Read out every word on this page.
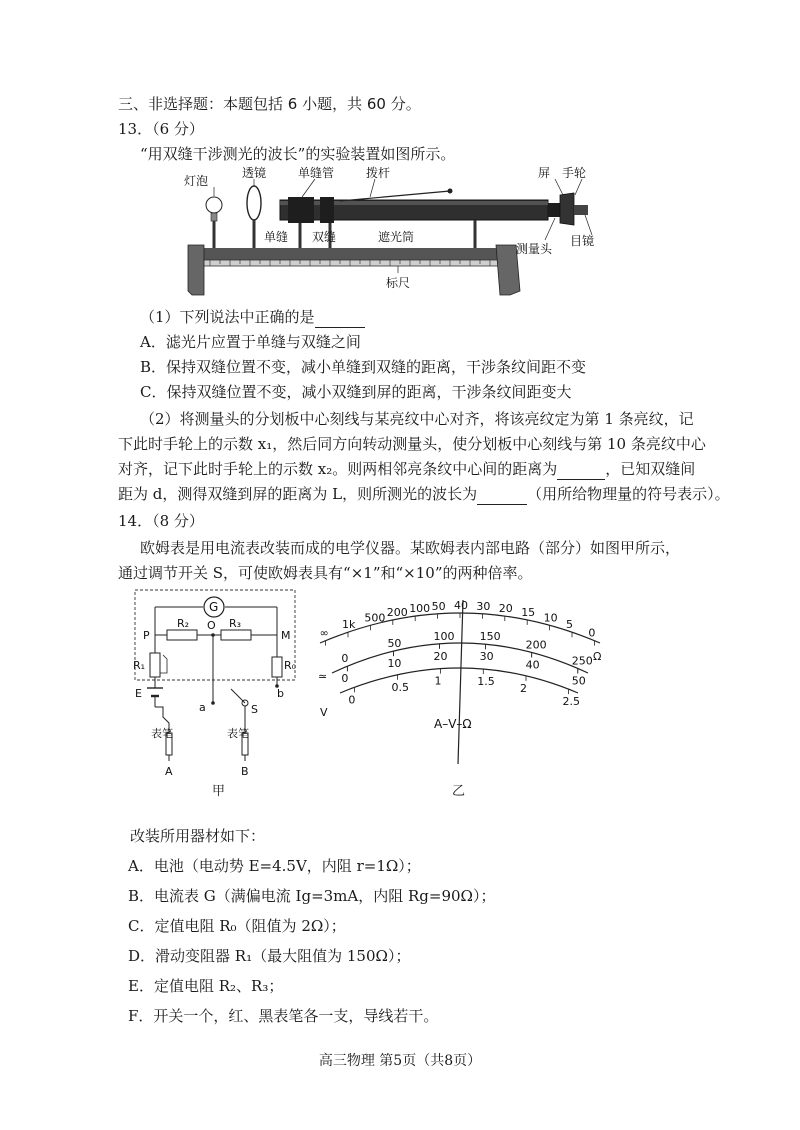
三、非选择题：本题包括 6 小题，共 60 分。
13．（6 分）
“用双缝干涉测光的波长”的实验装置如图所示。
灯泡
透镜	单缝管	拨杆	屏 手轮
单缝 双缝	遮光筒
测量头
目镜
标尺
（1）下列说法中正确的是
A．滤光片应置于单缝与双缝之间
B．保持双缝位置不变，减小单缝到双缝的距离，干涉条纹间距不变
C．保持双缝位置不变，减小双缝到屏的距离，干涉条纹间距变大
（2）将测量头的分划板中心刻线与某亮纹中心对齐，将该亮纹定为第 1 条亮纹，记
下此时手轮上的示数 x₁，然后同方向转动测量头，使分划板中心刻线与第 10 条亮纹中心
对齐，记下此时手轮上的示数 x₂。则两相邻亮条纹中心间的距离为	，已知双缝间
距为 d，测得双缝到屏的距离为 L，则所测光的波长为	（用所给物理量的符号表示）。
14．（8 分）
欧姆表是用电流表改装而成的电学仪器。某欧姆表内部电路（部分）如图甲所示，
通过调节开关 S，可使欧姆表具有“×1”和“×10”的两种倍率。
G
R₂	R₃
O
P	M
R₁	R₀
E
a
b
S
表笔	表笔
A	B
∞
1k
500 200 100 50 40 30 20 15 10
5
0
0
50
100 150
200
250
0
10
20	30
40
50
0
0.5 1	1.5
2
2.5
Ω
≃
V
A–V–Ω
甲	乙
改装所用器材如下：
A．电池（电动势 E=4.5V，内阻 r=1Ω）；
B．电流表 G（满偏电流 Ig=3mA，内阻 Rg=90Ω）；
C．定值电阻 R₀（阻值为 2Ω）；
D．滑动变阻器 R₁（最大阻值为 150Ω）；
E．定值电阻 R₂、R₃；
F．开关一个，红、黑表笔各一支，导线若干。
高三物理 第5页（共8页）
